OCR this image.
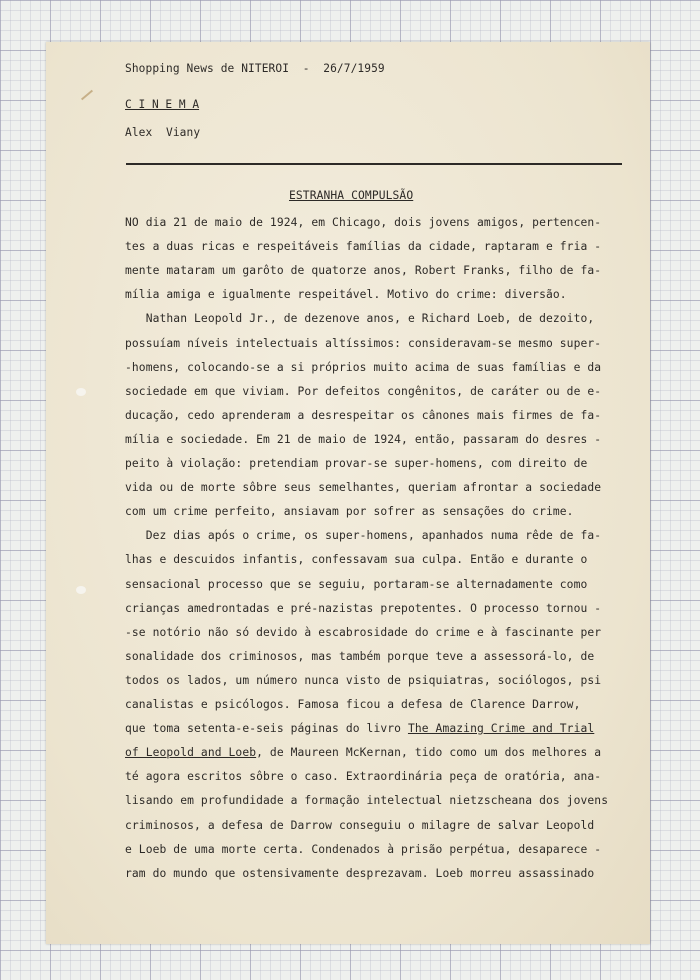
Shopping News de NITEROI  -  26/7/1959
C I N E M A
Alex  Viany
ESTRANHA COMPULSÃO
NO dia 21 de maio de 1924, em Chicago, dois jovens amigos, pertencen-
tes a duas ricas e respeitáveis famílias da cidade, raptaram e fria -
mente mataram um garôto de quatorze anos, Robert Franks, filho de fa-
mília amiga e igualmente respeitável. Motivo do crime: diversão.
Nathan Leopold Jr., de dezenove anos, e Richard Loeb, de dezoito,
possuíam níveis intelectuais altíssimos: consideravam-se mesmo super-
-homens, colocando-se a si próprios muito acima de suas famílias e da
sociedade em que viviam. Por defeitos congênitos, de caráter ou de e-
ducação, cedo aprenderam a desrespeitar os cânones mais firmes de fa-
mília e sociedade. Em 21 de maio de 1924, então, passaram do desres -
peito à violação: pretendiam provar-se super-homens, com direito de
vida ou de morte sôbre seus semelhantes, queriam afrontar a sociedade
com um crime perfeito, ansiavam por sofrer as sensações do crime.
Dez dias após o crime, os super-homens, apanhados numa rêde de fa-
lhas e descuidos infantis, confessavam sua culpa. Então e durante o
sensacional processo que se seguiu, portaram-se alternadamente como
crianças amedrontadas e pré-nazistas prepotentes. O processo tornou -
-se notório não só devido à escabrosidade do crime e à fascinante per
sonalidade dos criminosos, mas também porque teve a assessorá-lo, de
todos os lados, um número nunca visto de psiquiatras, sociólogos, psi
canalistas e psicólogos. Famosa ficou a defesa de Clarence Darrow,
que toma setenta-e-seis páginas do livro The Amazing Crime and Trial
of Leopold and Loeb, de Maureen McKernan, tido como um dos melhores a
té agora escritos sôbre o caso. Extraordinária peça de oratória, ana-
lisando em profundidade a formação intelectual nietzscheana dos jovens
criminosos, a defesa de Darrow conseguiu o milagre de salvar Leopold
e Loeb de uma morte certa. Condenados à prisão perpétua, desaparece -
ram do mundo que ostensivamente desprezavam. Loeb morreu assassinado
